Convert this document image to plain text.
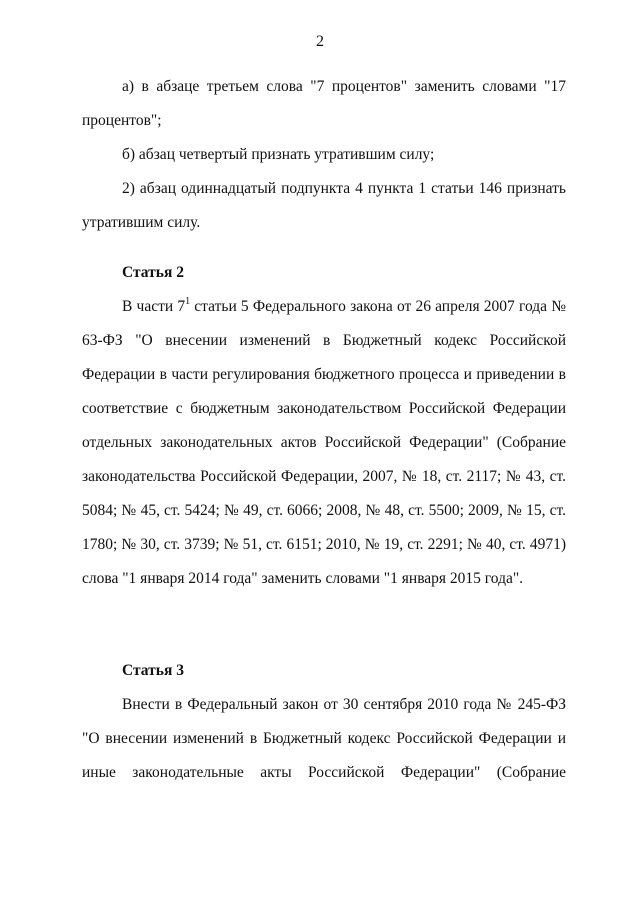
2
а) в абзаце третьем слова "7 процентов" заменить словами "17 процентов";
б) абзац четвертый признать утратившим силу;
2) абзац одиннадцатый подпункта 4 пункта 1 статьи 146 признать утратившим силу.
Статья 2
В части $7^1$ статьи 5 Федерального закона от 26 апреля 2007 года № 63-ФЗ "О внесении изменений в Бюджетный кодекс Российской Федерации в части регулирования бюджетного процесса и приведении в соответствие с бюджетным законодательством Российской Федерации отдельных законодательных актов Российской Федерации" (Собрание законодательства Российской Федерации, 2007, № 18, ст. 2117; № 43, ст. 5084; № 45, ст. 5424; № 49, ст. 6066; 2008, № 48, ст. 5500; 2009, № 15, ст. 1780; № 30, ст. 3739; № 51, ст. 6151; 2010, № 19, ст. 2291; № 40, ст. 4971) слова "1 января 2014 года" заменить словами "1 января 2015 года".
Статья 3
Внести в Федеральный закон от 30 сентября 2010 года № 245-ФЗ "О внесении изменений в Бюджетный кодекс Российской Федерации и иные законодательные акты Российской Федерации" (Собрание
